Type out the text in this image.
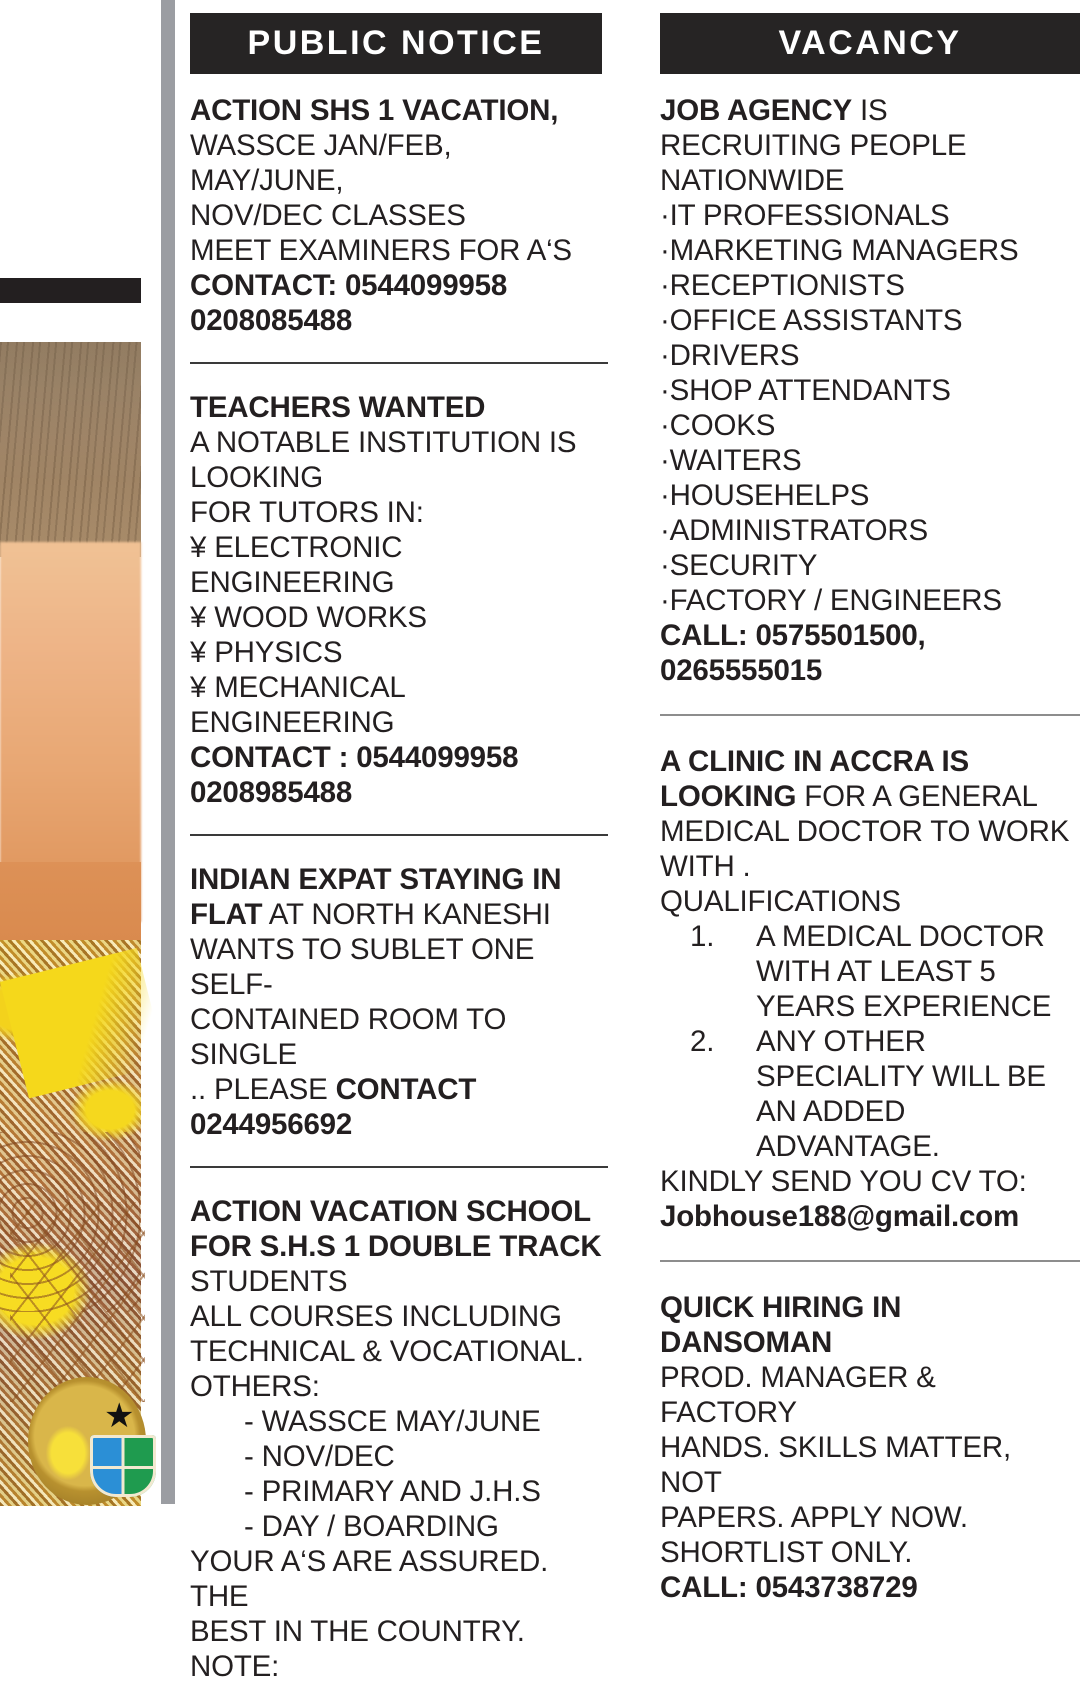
PUBLIC NOTICE

ACTION SHS 1 VACATION,

WASSCE JAN/FEB, MAY/JUNE,

NOV/DEC CLASSES

MEET EXAMINERS FOR A‘S

CONTACT: 0544099958

0208085488

TEACHERS WANTED

A NOTABLE INSTITUTION IS

LOOKING

FOR TUTORS IN:

¥ ELECTRONIC ENGINEERING

¥ WOOD WORKS

¥ PHYSICS

¥ MECHANICAL ENGINEERING

CONTACT : 0544099958

0208985488

INDIAN EXPAT STAYING IN

FLAT AT NORTH KANESHI

WANTS TO SUBLET ONE SELF-

CONTAINED ROOM TO SINGLE

.. PLEASE CONTACT

0244956692

ACTION VACATION SCHOOL

FOR S.H.S 1 DOUBLE TRACK

STUDENTS

ALL COURSES INCLUDING

TECHNICAL & VOCATIONAL.

OTHERS:

- WASSCE MAY/JUNE

- NOV/DEC

- PRIMARY AND J.H.S

- DAY / BOARDING

YOUR A‘S ARE ASSURED. THE

BEST IN THE COUNTRY.

NOTE:

VACANCY

JOB AGENCY IS

RECRUITING PEOPLE

NATIONWIDE

·IT PROFESSIONALS

·MARKETING MANAGERS

·RECEPTIONISTS

·OFFICE ASSISTANTS

·DRIVERS

·SHOP ATTENDANTS

·COOKS

·WAITERS

·HOUSEHELPS

·ADMINISTRATORS

·SECURITY

·FACTORY / ENGINEERS

CALL: 0575501500, 0265555015

A CLINIC IN ACCRA IS

LOOKING FOR A GENERAL

MEDICAL DOCTOR TO WORK

WITH .

QUALIFICATIONS

1. A MEDICAL DOCTOR WITH AT LEAST 5 YEARS EXPERIENCE
2. ANY OTHER SPECIALITY WILL BE AN ADDED ADVANTAGE.

KINDLY SEND YOU CV TO:

Jobhouse188@gmail.com

QUICK HIRING IN DANSOMAN

PROD. MANAGER & FACTORY

HANDS. SKILLS MATTER, NOT

PAPERS. APPLY NOW.

SHORTLIST ONLY.

CALL: 0543738729
